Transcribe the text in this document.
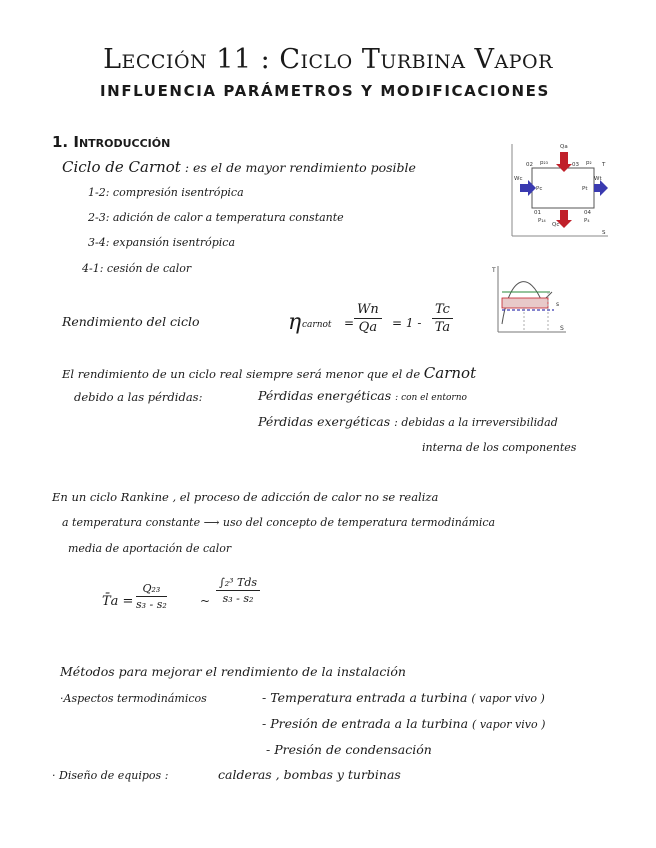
Lección 11 : Ciclo Turbina Vapor
INFLUENCIA PARÁMETROS Y MODIFICACIONES
1. Introducción
Ciclo de Carnot : es el de mayor rendimiento posible
1-2: compresión isentrópica
2-3: adición de calor a temperatura constante
3-4: expansión isentrópica
4-1: cesión de calor
Qa
p₂₃	p₂
02	03	T
Wc	Wt
Pc	Pt
01	04
Qc
P₁₄	P₄
S
T
S
s
Rendimiento del ciclo	η carnot = $\frac{Wn}{Qa} = 1 - \frac{Tc}{Ta}$
El rendimiento de un ciclo real siempre será menor que el de Carnot
debido a las pérdidas:	Pérdidas energéticas : con el entorno
Pérdidas exergéticas : debidas a la irreversibilidad
interna de los componentes
En un ciclo Rankine , el proceso de adicción de calor no se realiza
a temperatura constante ⟶ uso del concepto de temperatura termodinámica
media de aportación de calor
T̄a = $\frac{\text{Q₂₃}}{\text{s₃ - s₂}}$	~
∫₂³ Tds
s₃ - s₂
Métodos para mejorar el rendimiento de la instalación
·Aspectos termodinámicos	- Temperatura entrada a turbina ( vapor vivo )
- Presión de entrada a la turbina ( vapor vivo )
- Presión de condensación
· Diseño de equipos :	calderas , bombas y turbinas
